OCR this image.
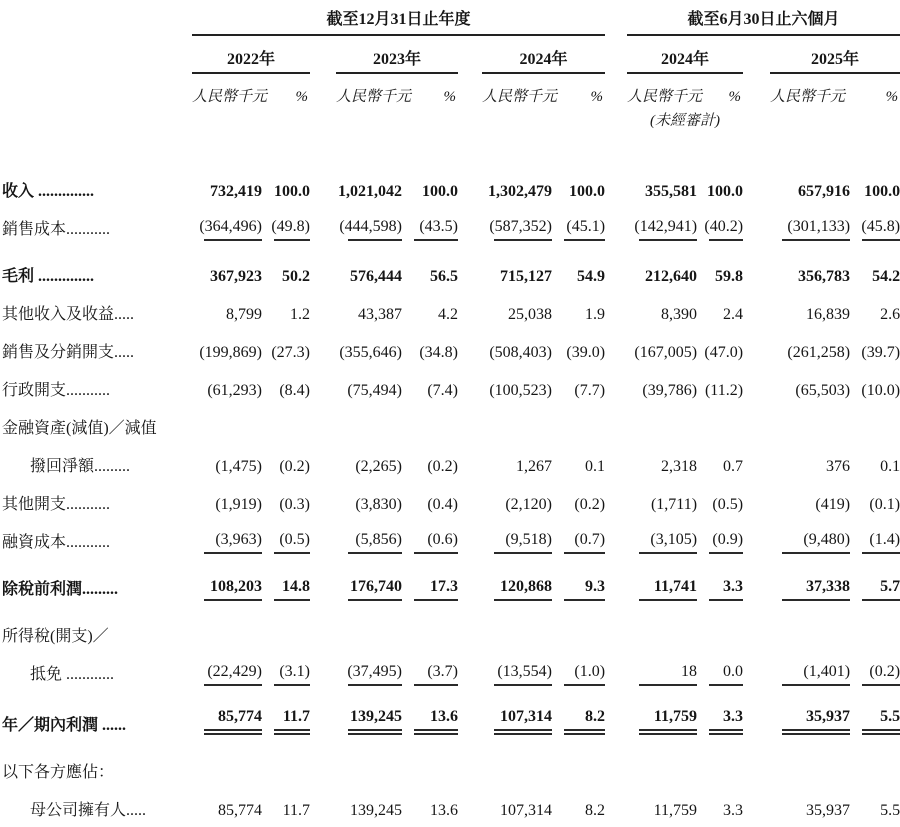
	截至12月31日止年度									截至6月30日止六個月				
	2022年			2023年			2024年			2024年			2025年	

	人民幣千元 %			人民幣千元 %			人民幣千元 %			人民幣千元 %			人民幣千元 %	

										(未經審計)				
收入 ..............	732,419	100.0		1,021,042	100.0		1,302,479	100.0		355,581	100.0		657,916	100.0

銷售成本...........	(364,496)	(49.8)		(444,598)	(43.5)		(587,352)	(45.1)		(142,941)	(40.2)		(301,133)	(45.8)

毛利 ..............	367,923	50.2		576,444	56.5		715,127	54.9		212,640	59.8		356,783	54.2

其他收入及收益.....	8,799	1.2		43,387	4.2		25,038	1.9		8,390	2.4		16,839	2.6

銷售及分銷開支.....	(199,869)	(27.3)		(355,646)	(34.8)		(508,403)	(39.0)		(167,005)	(47.0)		(261,258)	(39.7)

行政開支...........	(61,293)	(8.4)		(75,494)	(7.4)		(100,523)	(7.7)		(39,786)	(11.2)		(65,503)	(10.0)

金融資產(減值)／減值	

撥回淨額.........	(1,475)	(0.2)		(2,265)	(0.2)		1,267	0.1		2,318	0.7		376	0.1

其他開支...........	(1,919)	(0.3)		(3,830)	(0.4)		(2,120)	(0.2)		(1,711)	(0.5)		(419)	(0.1)

融資成本...........	(3,963)	(0.5)		(5,856)	(0.6)		(9,518)	(0.7)		(3,105)	(0.9)		(9,480)	(1.4)

除稅前利潤.........	108,203	14.8		176,740	17.3		120,868	9.3		11,741	3.3		37,338	5.7

所得稅(開支)／	

抵免 ............	(22,429)	(3.1)		(37,495)	(3.7)		(13,554)	(1.0)		18	0.0		(1,401)	(0.2)

年／期內利潤 ......	85,774	11.7		139,245	13.6		107,314	8.2		11,759	3.3		35,937	5.5

以下各方應佔：	

母公司擁有人.....	85,774	11.7		139,245	13.6		107,314	8.2		11,759	3.3		35,937	5.5
